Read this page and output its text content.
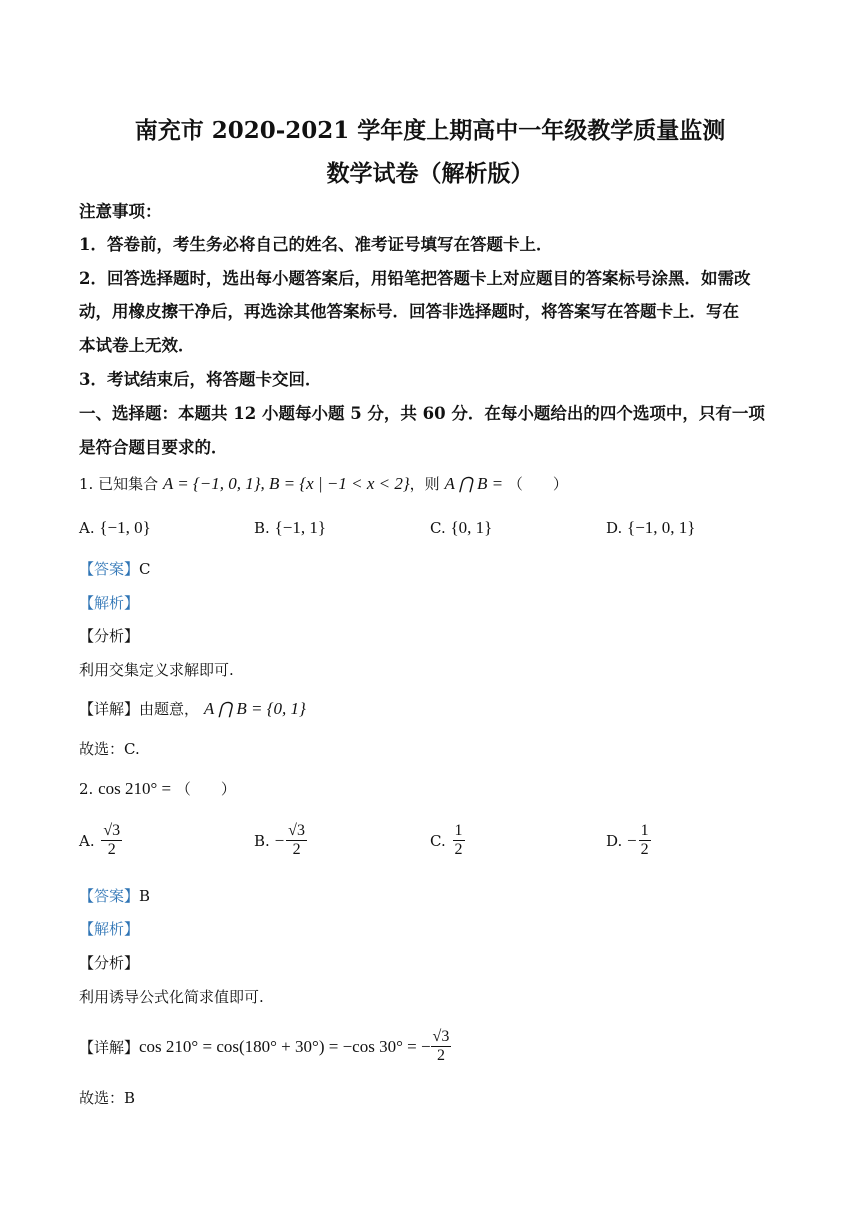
南充市 2020-2021 学年度上期高中一年级教学质量监测
数学试卷（解析版）
注意事项：
1．答卷前，考生务必将自己的姓名、准考证号填写在答题卡上．
2．回答选择题时，选出每小题答案后，用铅笔把答题卡上对应题目的答案标号涂黑．如需改
动，用橡皮擦干净后，再选涂其他答案标号．回答非选择题时，将答案写在答题卡上．写在
本试卷上无效．
3．考试结束后，将答题卡交回．
一、选择题：本题共 12 小题每小题 5 分，共 60 分．在每小题给出的四个选项中，只有一项
是符合题目要求的．
1. 已知集合 A = {−1, 0, 1}, B = {x | −1 < x < 2}，则 A ⋂ B = （　　）
A. {−1, 0}	B. {−1, 1}	C. {0, 1}	D. {−1, 0, 1}
【答案】C
【解析】
【分析】
利用交集定义求解即可.
【详解】由题意， A ⋂ B = {0, 1}
故选：C.
2. cos 210° = （　　）
A. $\frac{√3}{2}$	B. − $\frac{√3}{2}$	C. $\frac{1}{2}$	D. − $\frac{1}{2}$
【答案】B
【解析】
【分析】
利用诱导公式化简求值即可.
【详解】cos 210° = cos(180° + 30°) = −cos 30° = − $\frac{√3}{2}$
故选：B
